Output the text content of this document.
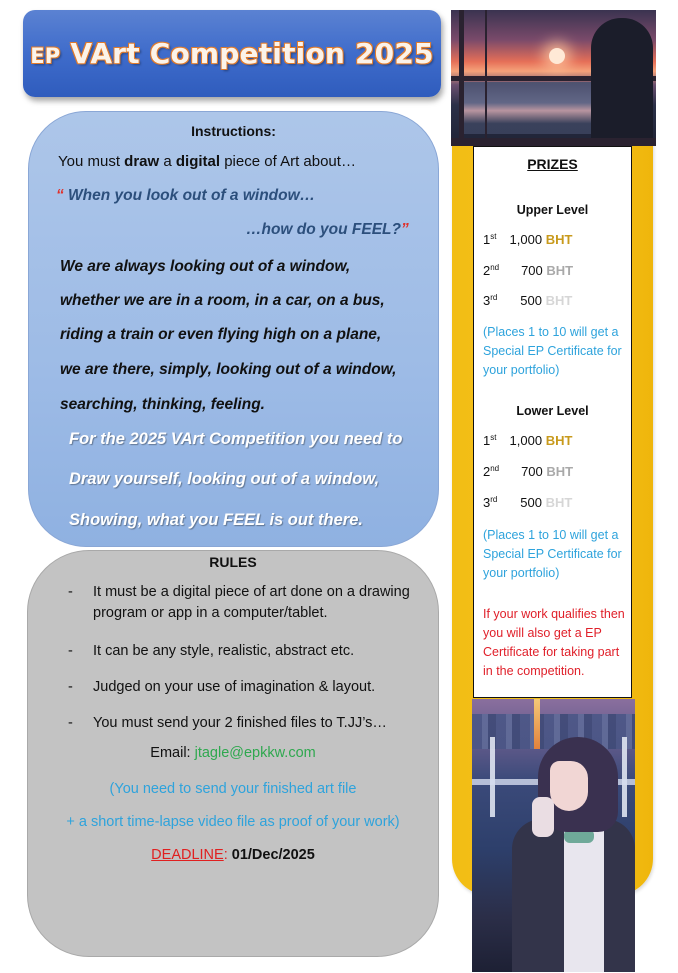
EP VArt Competition 2025
Instructions:
You must draw a digital piece of Art about…
“ When you look out of a window…
…how do you FEEL?”
We are always looking out of a window,
whether we are in a room, in a car, on a bus,
riding a train or even flying high on a plane,
we are there, simply, looking out of a window,
searching, thinking, feeling.
For the 2025 VArt Competition you need to
Draw yourself, looking out of a window,
Showing, what you FEEL is out there.
RULES
- It must be a digital piece of art done on a drawing program or app in a computer/tablet.
- It can be any style, realistic, abstract etc.
- Judged on your use of imagination & layout.
- You must send your 2 finished files to T.JJ’s…
Email: jtagle@epkkw.com
(You need to send your finished art file
+ a short time-lapse video file as proof of your work)
DEADLINE: 01/Dec/2025
PRIZES
Upper Level
1st 1,000 BHT
2nd 700 BHT
3rd 500 BHT
(Places 1 to 10 will get a Special EP Certificate for your portfolio)
Lower Level
1st 1,000 BHT
2nd 700 BHT
3rd 500 BHT
(Places 1 to 10 will get a Special EP Certificate for your portfolio)
If your work qualifies then you will also get a EP Certificate for taking part in the competition.
